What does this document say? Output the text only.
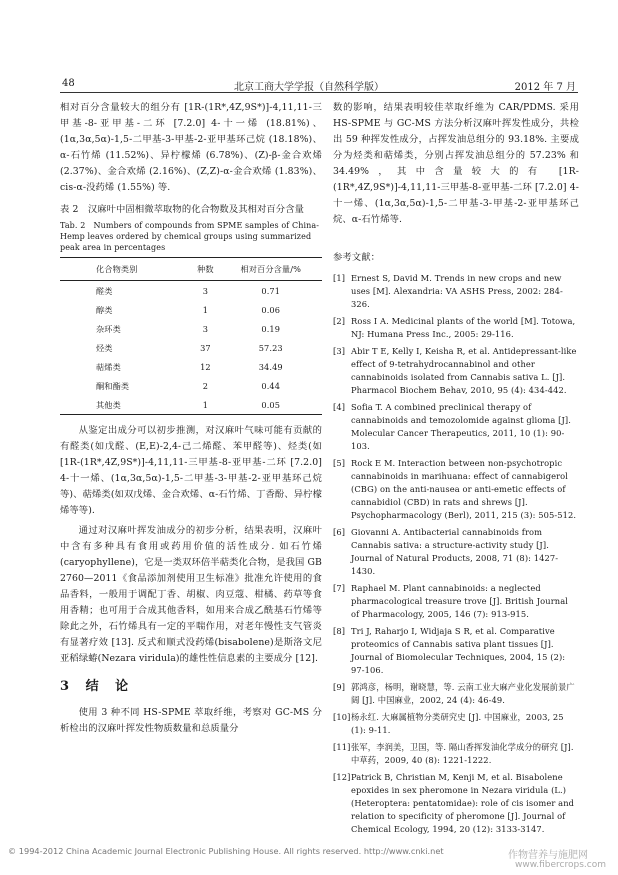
48	北京工商大学学报（自然科学版）	2012 年 7 月

相对百分含量较大的组分有 [1R-(1R*,4Z,9S*)]-4,11,11-三甲基-8-亚甲基-二环 [7.2.0] 4-十一烯 (18.81%)、(1α,3α,5α)-1,5-二甲基-3-甲基-2-亚甲基环己烷 (18.18%)、α-石竹烯 (11.52%)、异柠檬烯 (6.78%)、(Z)-β-金合欢烯 (2.37%)、金合欢烯 (2.16%)、(Z,Z)-α-金合欢烯 (1.83%)、cis-α-没药烯 (1.55%) 等.

表 2　汉麻叶中固相微萃取物的化合物数及其相对百分含量
Tab. 2　Numbers of compounds from SPME samples of China-Hemp leaves ordered by chemical groups using summarized peak area in percentages
化合物类别	种数	相对百分含量/%
醛类	3	0.71
醇类	1	0.06
杂环类	3	0.19
烃类	37	57.23
萜烯类	12	34.49
酮和酯类	2	0.44
其他类	1	0.05

从鉴定出成分可以初步推测，对汉麻叶气味可能有贡献的有醛类(如戊醛、(E,E)-2,4-己二烯醛、苯甲醛等)、烃类(如 [1R-(1R*,4Z,9S*)]-4,11,11-三甲基-8-亚甲基-二环 [7.2.0] 4-十一烯、(1α,3α,5α)-1,5-二甲基-3-甲基-2-亚甲基环己烷等)、萜烯类(如双戊烯、金合欢烯、α-石竹烯、丁香酚、异柠檬烯等等).

通过对汉麻叶挥发油成分的初步分析，结果表明，汉麻叶中含有多种具有食用或药用价值的活性成分. 如石竹烯(caryophyllene)，它是一类双环倍半萜类化合物，是我国 GB 2760—2011《食品添加剂使用卫生标准》批准允许使用的食品香料，一般用于调配丁香、胡椒、肉豆蔻、柑橘、药草等食用香精；也可用于合成其他香料，如用来合成乙酰基石竹烯等除此之外，石竹烯具有一定的平喘作用，对老年慢性支气管炎有显著疗效 [13]. 反式和顺式没药烯(bisabolene)是斯洛文尼亚稻绿蝽(Nezara viridula)的雄性性信息素的主要成分 [12].

3 结 论

使用 3 种不同 HS-SPME 萃取纤维，考察对 GC-MS 分析检出的汉麻叶挥发性物质数量和总质量分

数的影响，结果表明较佳萃取纤维为 CAR/PDMS. 采用 HS-SPME 与 GC-MS 方法分析汉麻叶挥发性成分，共检出 59 种挥发性成分，占挥发油总组分的 93.18%. 主要成分为烃类和萜烯类，分别占挥发油总组分的 57.23% 和 34.49%，其中含量较大的有 [1R-(1R*,4Z,9S*)]-4,11,11-三甲基-8-亚甲基-二环 [7.2.0] 4-十一烯、(1α,3α,5α)-1,5-二甲基-3-甲基-2-亚甲基环己烷、α-石竹烯等.

参考文献：
[1] Ernest S, David M. Trends in new crops and new uses [M]. Alexandria: VA ASHS Press, 2002: 284-326.
[2] Ross I A. Medicinal plants of the world [M]. Totowa, NJ: Humana Press Inc., 2005: 29-116.
[3] Abir T E, Kelly I, Keisha R, et al. Antidepressant-like effect of 9-tetrahydrocannabinol and other cannabinoids isolated from Cannabis sativa L. [J]. Pharmacol Biochem Behav, 2010, 95 (4): 434-442.
[4] Sofia T. A combined preclinical therapy of cannabinoids and temozolomide against glioma [J]. Molecular Cancer Therapeutics, 2011, 10 (1): 90-103.
[5] Rock E M. Interaction between non-psychotropic cannabinoids in marihuana: effect of cannabigerol (CBG) on the anti-nausea or anti-emetic effects of cannabidiol (CBD) in rats and shrews [J]. Psychopharmacology (Berl), 2011, 215 (3): 505-512.
[6] Giovanni A. Antibacterial cannabinoids from Cannabis sativa: a structure-activity study [J]. Journal of Natural Products, 2008, 71 (8): 1427-1430.
[7] Raphael M. Plant cannabinoids: a neglected pharmacological treasure trove [J]. British Journal of Pharmacology, 2005, 146 (7): 913-915.
[8] Tri J, Raharjo I, Widjaja S R, et al. Comparative proteomics of Cannabis sativa plant tissues [J]. Journal of Biomolecular Techniques, 2004, 15 (2): 97-106.
[9] 郭鸿彦，杨明，谢晓慧，等. 云南工业大麻产业化发展前景广阔 [J]. 中国麻业，2002, 24 (4): 46-49.
[10] 杨永红. 大麻属植物分类研究史 [J]. 中国麻业，2003, 25 (1): 9-11.
[11] 张军，李润美，卫国，等. 隔山香挥发油化学成分的研究 [J]. 中草药，2009, 40 (8): 1221-1222.
[12] Patrick B, Christian M, Kenji M, et al. Bisabolene epoxides in sex pheromone in Nezara viridula (L.) (Heteroptera: pentatomidae): role of cis isomer and relation to specificity of pheromone [J]. Journal of Chemical Ecology, 1994, 20 (12): 3133-3147.
© 1994-2012 China Academic Journal Electronic Publishing House. All rights reserved. http://www.cnki.net	作物营养与施肥网
www.fibercrops.com
